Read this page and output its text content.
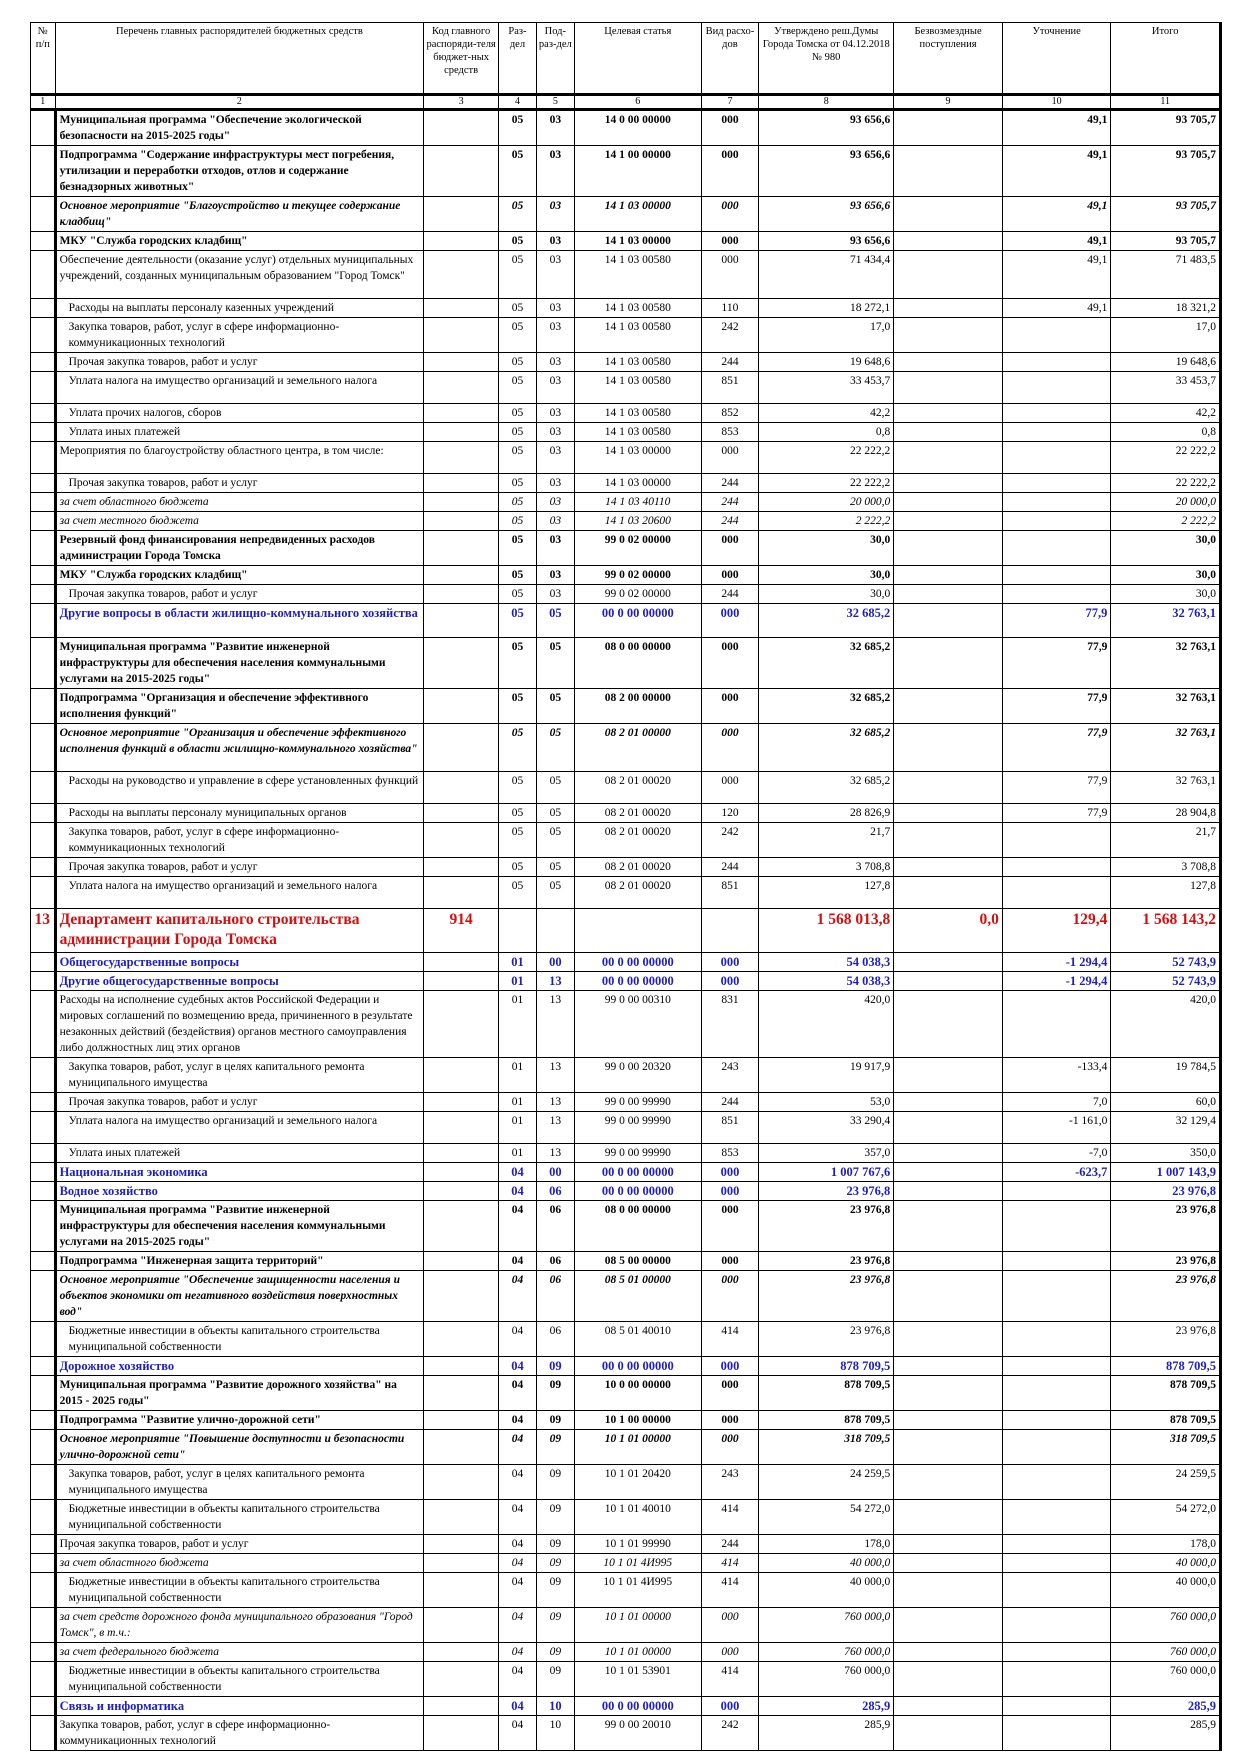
№ п/п	Перечень главных распорядителей бюджетных средств	Код главного распоряди-теля бюджет-ных средств	Раз-дел	Под-раз-дел	Целевая статья	Вид расхо-дов	Утверждено реш.Думы Города Томска от 04.12.2018 № 980	Безвозмездные поступления	Уточнение	Итого
1	2	3	4	5	6	7	8	9	10	11
	Муниципальная программа "Обеспечение экологической безопасности на 2015-2025 годы"		05	03	14 0 00 00000	000	93 656,6		49,1	93 705,7
	Подпрограмма "Содержание инфраструктуры мест погребения, утилизации и переработки отходов, отлов и содержание безнадзорных животных"		05	03	14 1 00 00000	000	93 656,6		49,1	93 705,7
	Основное мероприятие "Благоустройство и текущее содержание кладбищ"		05	03	14 1 03 00000	000	93 656,6		49,1	93 705,7
	МКУ "Служба городских кладбищ"		05	03	14 1 03 00000	000	93 656,6		49,1	93 705,7
	Обеспечение деятельности (оказание услуг) отдельных муниципальных учреждений, созданных муниципальным образованием "Город Томск"		05	03	14 1 03 00580	000	71 434,4		49,1	71 483,5
	Расходы на выплаты персоналу казенных учреждений		05	03	14 1 03 00580	110	18 272,1		49,1	18 321,2
	Закупка товаров, работ, услуг в сфере информационно-коммуникационных технологий		05	03	14 1 03 00580	242	17,0			17,0
	Прочая закупка товаров, работ и услуг		05	03	14 1 03 00580	244	19 648,6			19 648,6
	Уплата налога на имущество организаций и земельного налога		05	03	14 1 03 00580	851	33 453,7			33 453,7
	Уплата прочих налогов, сборов		05	03	14 1 03 00580	852	42,2			42,2
	Уплата иных платежей		05	03	14 1 03 00580	853	0,8			0,8
	Мероприятия по благоустройству областного центра, в том числе:		05	03	14 1 03 00000	000	22 222,2			22 222,2
	Прочая закупка товаров, работ и услуг		05	03	14 1 03 00000	244	22 222,2			22 222,2
	за счет областного бюджета		05	03	14 1 03 40110	244	20 000,0			20 000,0
	за счет местного бюджета		05	03	14 1 03 20600	244	2 222,2			2 222,2
	Резервный фонд финансирования непредвиденных расходов администрации Города Томска		05	03	99 0 02 00000	000	30,0			30,0
	МКУ "Служба городских кладбищ"		05	03	99 0 02 00000	000	30,0			30,0
	Прочая закупка товаров, работ и услуг		05	03	99 0 02 00000	244	30,0			30,0
	Другие вопросы в области жилищно-коммунального хозяйства		05	05	00 0 00 00000	000	32 685,2		77,9	32 763,1
	Муниципальная программа "Развитие инженерной инфраструктуры для обеспечения населения коммунальными услугами на 2015-2025 годы"		05	05	08 0 00 00000	000	32 685,2		77,9	32 763,1
	Подпрограмма "Организация и обеспечение эффективного исполнения функций"		05	05	08 2 00 00000	000	32 685,2		77,9	32 763,1
	Основное мероприятие "Организация и обеспечение эффективного исполнения функций в области жилищно-коммунального хозяйства"		05	05	08 2 01 00000	000	32 685,2		77,9	32 763,1
	Расходы на руководство и управление в сфере установленных функций		05	05	08 2 01 00020	000	32 685,2		77,9	32 763,1
	Расходы на выплаты персоналу муниципальных органов		05	05	08 2 01 00020	120	28 826,9		77,9	28 904,8
	Закупка товаров, работ, услуг в сфере информационно-коммуникационных технологий		05	05	08 2 01 00020	242	21,7			21,7
	Прочая закупка товаров, работ и услуг		05	05	08 2 01 00020	244	3 708,8			3 708,8
	Уплата налога на имущество организаций и земельного налога		05	05	08 2 01 00020	851	127,8			127,8
13	Департамент капитального строительства администрации Города Томска	914					1 568 013,8	0,0	129,4	1 568 143,2
	Общегосударственные вопросы		01	00	00 0 00 00000	000	54 038,3		-1 294,4	52 743,9
	Другие общегосударственные вопросы		01	13	00 0 00 00000	000	54 038,3		-1 294,4	52 743,9
	Расходы на исполнение судебных актов Российской Федерации и мировых соглашений по возмещению вреда, причиненного в результате незаконных действий (бездействия) органов местного самоуправления либо должностных лиц этих органов		01	13	99 0 00 00310	831	420,0			420,0
	Закупка товаров, работ, услуг в целях капитального ремонта муниципального имущества		01	13	99 0 00 20320	243	19 917,9		-133,4	19 784,5
	Прочая закупка товаров, работ и услуг		01	13	99 0 00 99990	244	53,0		7,0	60,0
	Уплата налога на имущество организаций и земельного налога		01	13	99 0 00 99990	851	33 290,4		-1 161,0	32 129,4
	Уплата иных платежей		01	13	99 0 00 99990	853	357,0		-7,0	350,0
	Национальная экономика		04	00	00 0 00 00000	000	1 007 767,6		-623,7	1 007 143,9
	Водное хозяйство		04	06	00 0 00 00000	000	23 976,8			23 976,8
	Муниципальная программа "Развитие инженерной инфраструктуры для обеспечения населения коммунальными услугами на 2015-2025 годы"		04	06	08 0 00 00000	000	23 976,8			23 976,8
	Подпрограмма "Инженерная защита территорий"		04	06	08 5 00 00000	000	23 976,8			23 976,8
	Основное мероприятие "Обеспечение защищенности населения и объектов экономики от негативного воздействия поверхностных вод"		04	06	08 5 01 00000	000	23 976,8			23 976,8
	Бюджетные инвестиции в объекты капитального строительства муниципальной собственности		04	06	08 5 01 40010	414	23 976,8			23 976,8
	Дорожное хозяйство		04	09	00 0 00 00000	000	878 709,5			878 709,5
	Муниципальная программа "Развитие дорожного хозяйства" на 2015 - 2025 годы"		04	09	10 0 00 00000	000	878 709,5			878 709,5
	Подпрограмма "Развитие улично-дорожной сети"		04	09	10 1 00 00000	000	878 709,5			878 709,5
	Основное мероприятие "Повышение доступности и безопасности улично-дорожной сети"		04	09	10 1 01 00000	000	318 709,5			318 709,5
	Закупка товаров, работ, услуг в целях капитального ремонта муниципального имущества		04	09	10 1 01 20420	243	24 259,5			24 259,5
	Бюджетные инвестиции в объекты капитального строительства муниципальной собственности		04	09	10 1 01 40010	414	54 272,0			54 272,0
	Прочая закупка товаров, работ и услуг		04	09	10 1 01 99990	244	178,0			178,0
	за счет областного бюджета		04	09	10 1 01 4И995	414	40 000,0			40 000,0
	Бюджетные инвестиции в объекты капитального строительства муниципальной собственности		04	09	10 1 01 4И995	414	40 000,0			40 000,0
	за счет средств дорожного фонда муниципального образования "Город Томск", в т.ч.:		04	09	10 1 01 00000	000	760 000,0			760 000,0
	за счет федерального бюджета		04	09	10 1 01 00000	000	760 000,0			760 000,0
	Бюджетные инвестиции в объекты капитального строительства муниципальной собственности		04	09	10 1 01 53901	414	760 000,0			760 000,0
	Связь и информатика		04	10	00 0 00 00000	000	285,9			285,9
	Закупка товаров, работ, услуг в сфере информационно-коммуникационных технологий		04	10	99 0 00 20010	242	285,9			285,9
